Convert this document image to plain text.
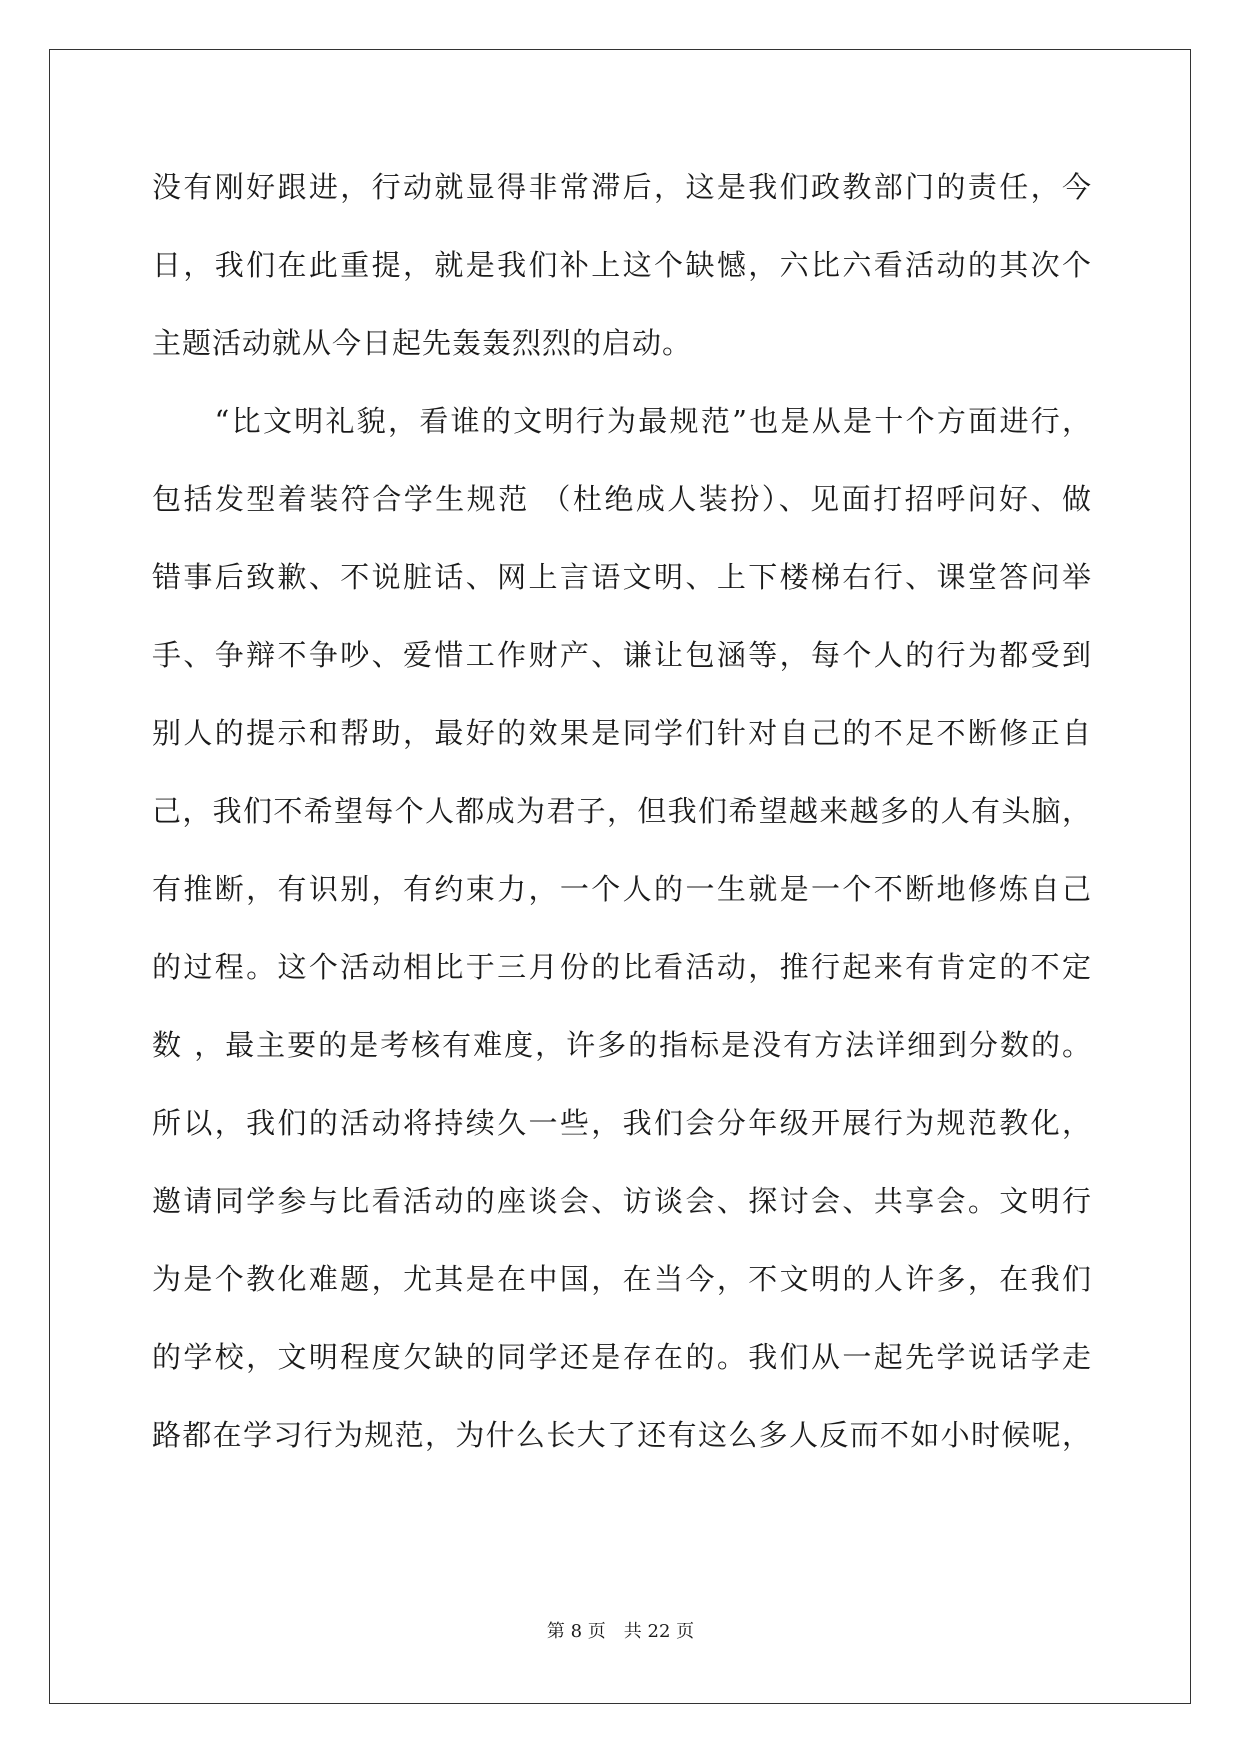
没有刚好跟进，行动就显得非常滞后，这是我们政教部门的责任，今
日，我们在此重提，就是我们补上这个缺憾，六比六看活动的其次个
主题活动就从今日起先轰轰烈烈的启动。
　　“比文明礼貌，看谁的文明行为最规范”也是从是十个方面进行，
包括发型着装符合学生规范 （杜绝成人装扮）、见面打招呼问好、做
错事后致歉、不说脏话、网上言语文明、上下楼梯右行、课堂答问举
手、争辩不争吵、爱惜工作财产、谦让包涵等，每个人的行为都受到
别人的提示和帮助，最好的效果是同学们针对自己的不足不断修正自
己，我们不希望每个人都成为君子，但我们希望越来越多的人有头脑，
有推断，有识别，有约束力，一个人的一生就是一个不断地修炼自己
的过程。这个活动相比于三月份的比看活动，推行起来有肯定的不定
数 ，最主要的是考核有难度，许多的指标是没有方法详细到分数的。
所以，我们的活动将持续久一些，我们会分年级开展行为规范教化，
邀请同学参与比看活动的座谈会、访谈会、探讨会、共享会。文明行
为是个教化难题，尤其是在中国，在当今，不文明的人许多，在我们
的学校，文明程度欠缺的同学还是存在的。我们从一起先学说话学走
路都在学习行为规范，为什么长大了还有这么多人反而不如小时候呢，
第 8 页　共 22 页
